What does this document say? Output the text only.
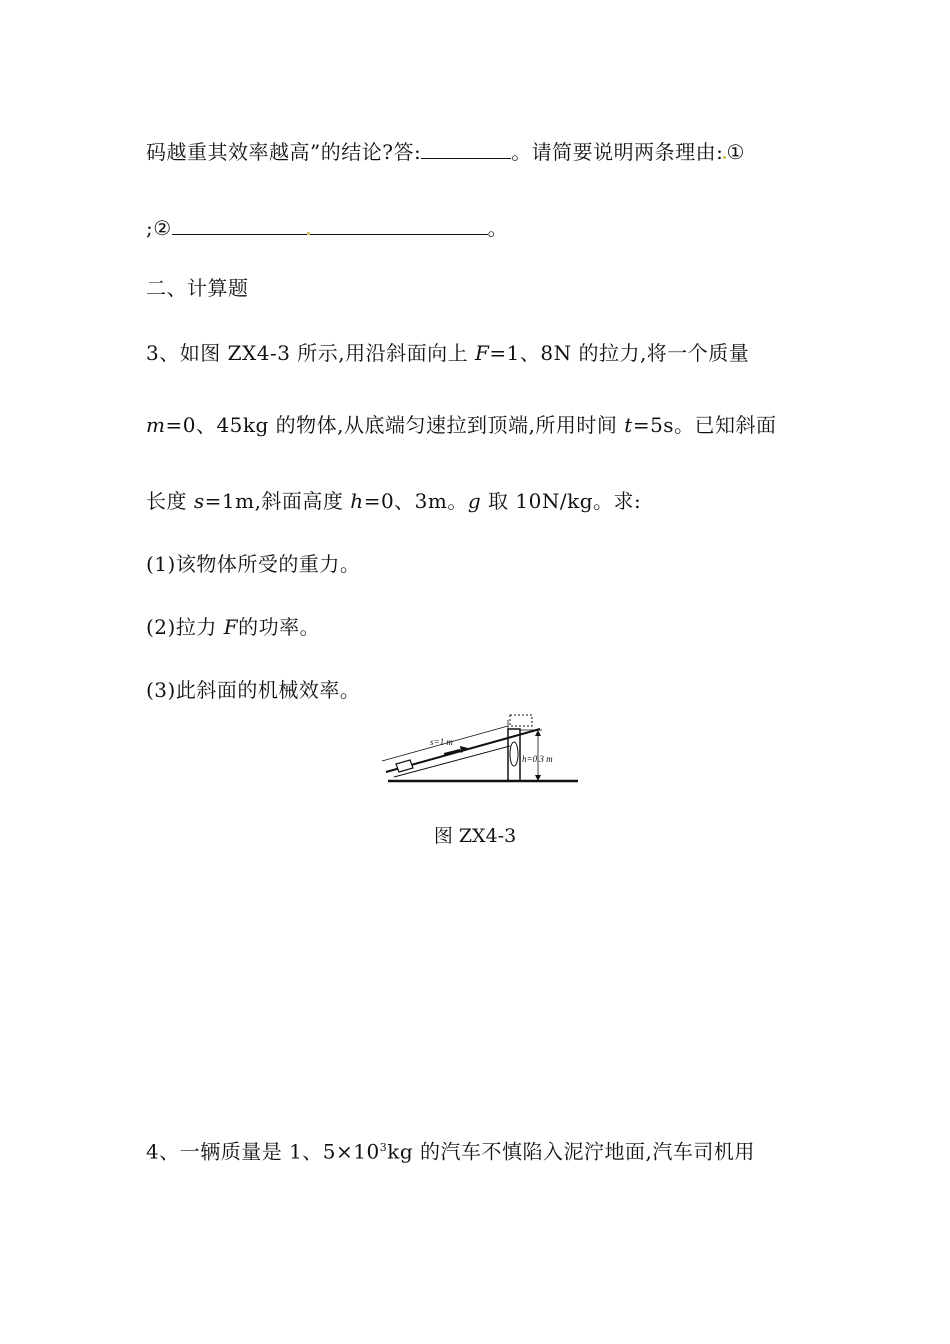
码越重其效率越高”的结论?答:	。请简要说明两条理由: ①
;②	。
二、计算题
3、如图 ZX4-3 所示,用沿斜面向上 F=1、8N 的拉力,将一个质量
m=0、45kg 的物体,从底端匀速拉到顶端,所用时间 t=5s。已知斜面
长度 s=1m,斜面高度 h=0、3m。g 取 10N/kg。求:
(1)该物体所受的重力。
(2)拉力 F的功率。
(3)此斜面的机械效率。
s=1 m
h=0.3 m
图 ZX4-3
4、一辆质量是 1、$5\times 10^3kg$ 的汽车不慎陷入泥泞地面,汽车司机用
